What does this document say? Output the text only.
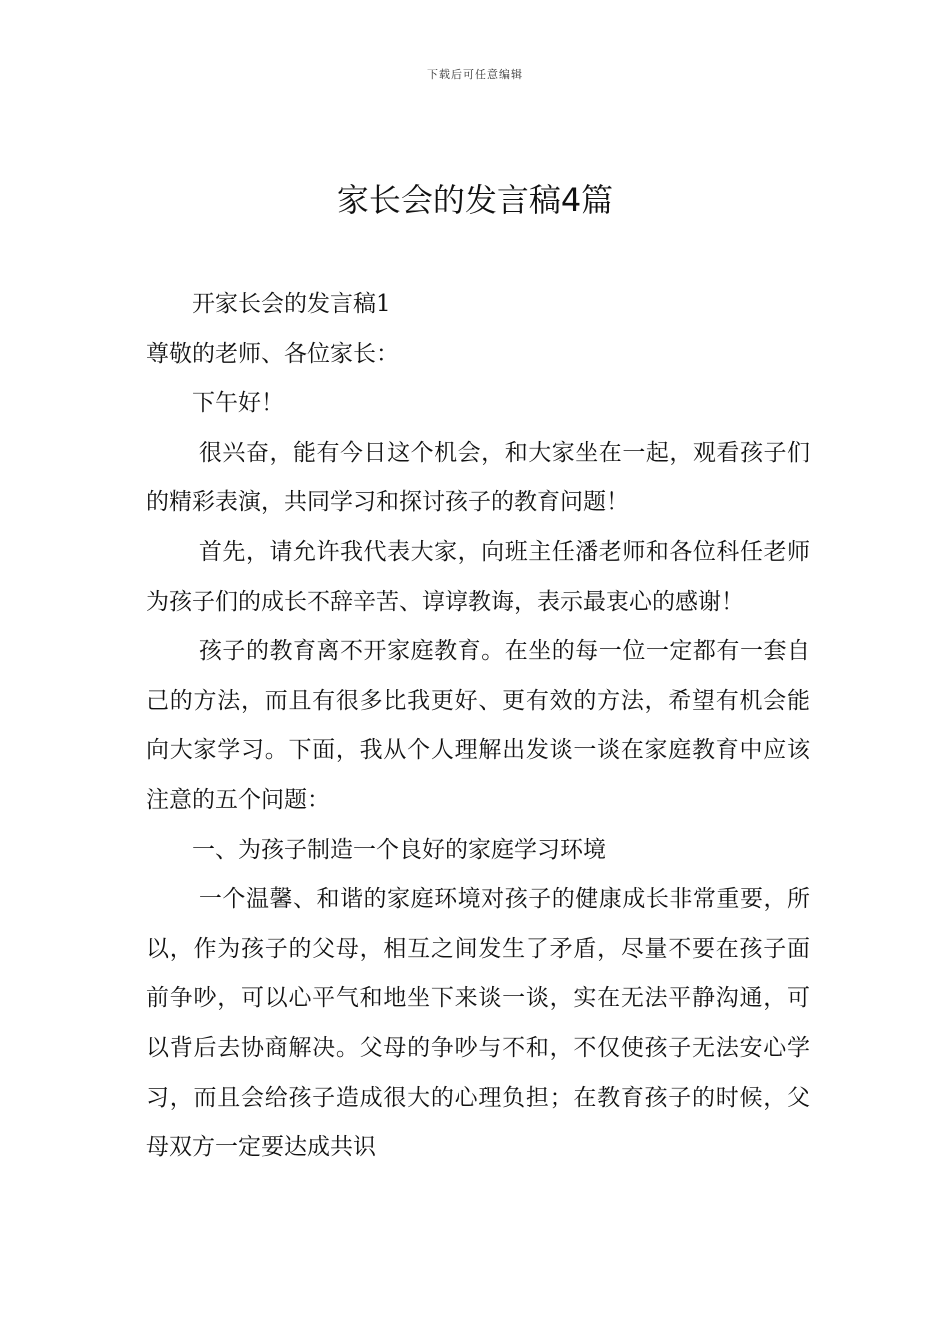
下载后可任意编辑
家长会的发言稿4篇

开家长会的发言稿1

尊敬的老师、各位家长：

下午好！

很兴奋，能有今日这个机会，和大家坐在一起，观看孩子们的精彩表演，共同学习和探讨孩子的教育问题！

首先，请允许我代表大家，向班主任潘老师和各位科任老师为孩子们的成长不辞辛苦、谆谆教诲，表示最衷心的感谢！

孩子的教育离不开家庭教育。在坐的每一位一定都有一套自己的方法，而且有很多比我更好、更有效的方法，希望有机会能向大家学习。下面，我从个人理解出发谈一谈在家庭教育中应该注意的五个问题：

一、为孩子制造一个良好的家庭学习环境

一个温馨、和谐的家庭环境对孩子的健康成长非常重要，所以，作为孩子的父母，相互之间发生了矛盾，尽量不要在孩子面前争吵，可以心平气和地坐下来谈一谈，实在无法平静沟通，可以背后去协商解决。父母的争吵与不和，不仅使孩子无法安心学习，而且会给孩子造成很大的心理负担；在教育孩子的时候，父母双方一定要达成共识
